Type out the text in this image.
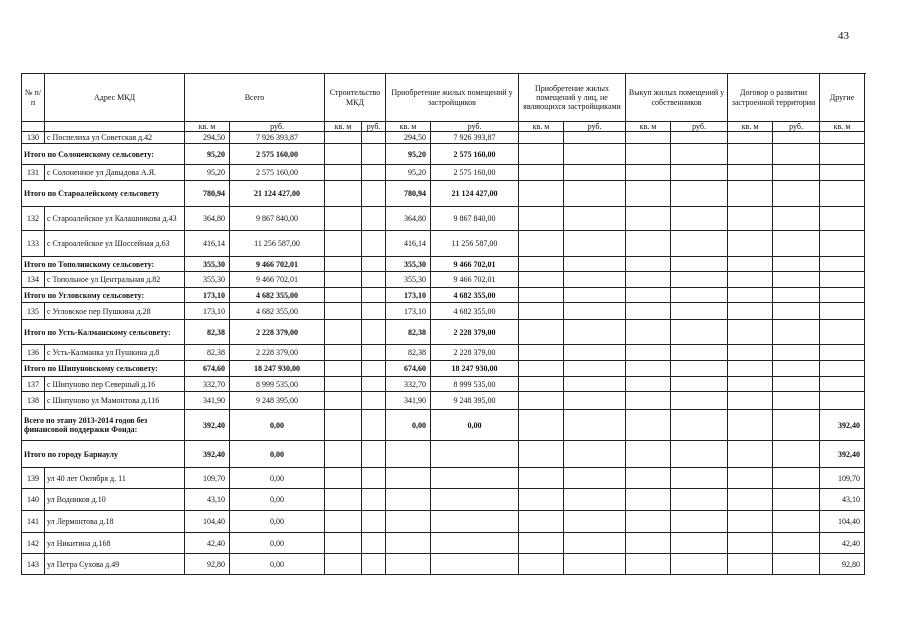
43
№ п/п	Адрес МКД	Всего		Строительство МКД		Приобретение жилых помещений у застройщиков		Приобретение жилых помещений у лиц, не являющихся застройщиками		Выкуп жилых помещений у собственников		Договор о развитии застроенной территории		Другие	
		кв. м	руб.	кв. м	руб.	кв. м	руб.	кв. м	руб.	кв. м	руб.	кв. м	руб.	кв. м	
130	с Поспелиха ул Советская д.42	294,50	7 926 393,87			294,50	7 926 393,87								
Итого по Солоненскому сельсовету:		95,20	2 575 160,00			95,20	2 575 160,00								
131	с Солоненное ул Давыдова А.Я.	95,20	2 575 160,00			95,20	2 575 160,00								
Итого по Староалейскому сельсовету		780,94	21 124 427,00			780,94	21 124 427,00								
132	с Староалейское ул Калашникова д.43	364,80	9 867 840,00			364,80	9 867 840,00								
133	с Староалейское ул Шоссейная д.63	416,14	11 256 587,00			416,14	11 256 587,00								
Итого по Тополинскому сельсовету:		355,30	9 466 702,01			355,30	9 466 702,01								
134	с Топольное ул Центральная д.82	355,30	9 466 702,01			355,30	9 466 702,01								
Итого по Угловскому сельсовету:		173,10	4 682 355,00			173,10	4 682 355,00								
135	с Угловское пер Пушкина д.28	173,10	4 682 355,00			173,10	4 682 355,00								
Итого по Усть-Калманскому сельсовету:		82,38	2 228 379,00			82,38	2 228 379,00								
136	с Усть-Калманка ул Пушкина д.8	82,38	2 228 379,00			82,38	2 228 379,00								
Итого по Шипуновскому сельсовету:		674,60	18 247 930,00			674,60	18 247 930,00								
137	с Шипуново пер Северный д.16	332,70	8 999 535,00			332,70	8 999 535,00								
138	с Шипуново ул Мамонтова д.116	341,90	9 248 395,00			341,90	9 248 395,00								
Всего по этапу 2013-2014 годов без финансовой поддержки Фонда:		392,40	0,00			0,00	0,00							392,40	
Итого по городу Барнаулу		392,40	0,00											392,40	
139	ул 40 лет Октября д. 11	109,70	0,00											109,70	
140	ул Водников д.10	43,10	0,00											43,10	
141	ул Лермонтова д.18	104,40	0,00											104,40	
142	ул Никитина д.168	42,40	0,00											42,40	
143	ул Петра Сухова д.49	92,80	0,00											92,80	
